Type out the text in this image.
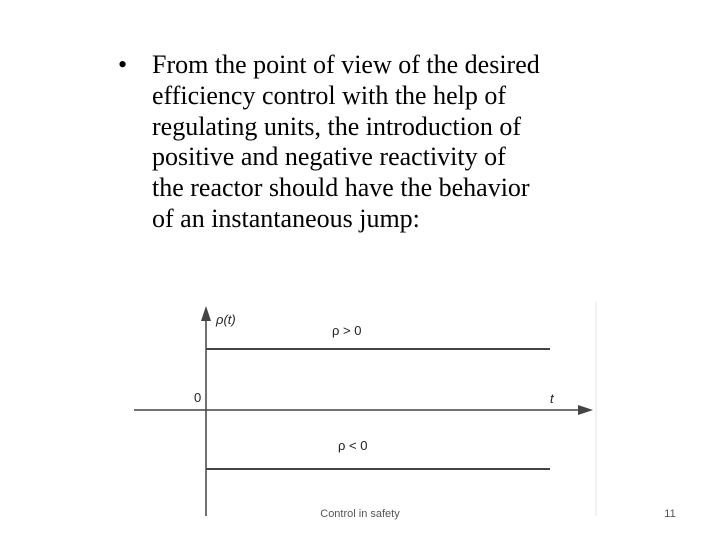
• From the point of view of the desired
efficiency control with the help of
regulating units, the introduction of
positive and negative reactivity of
the reactor should have the behavior
of an instantaneous jump:
ρ(t)
t
0
ρ > 0
ρ < 0
Control in safety	11
